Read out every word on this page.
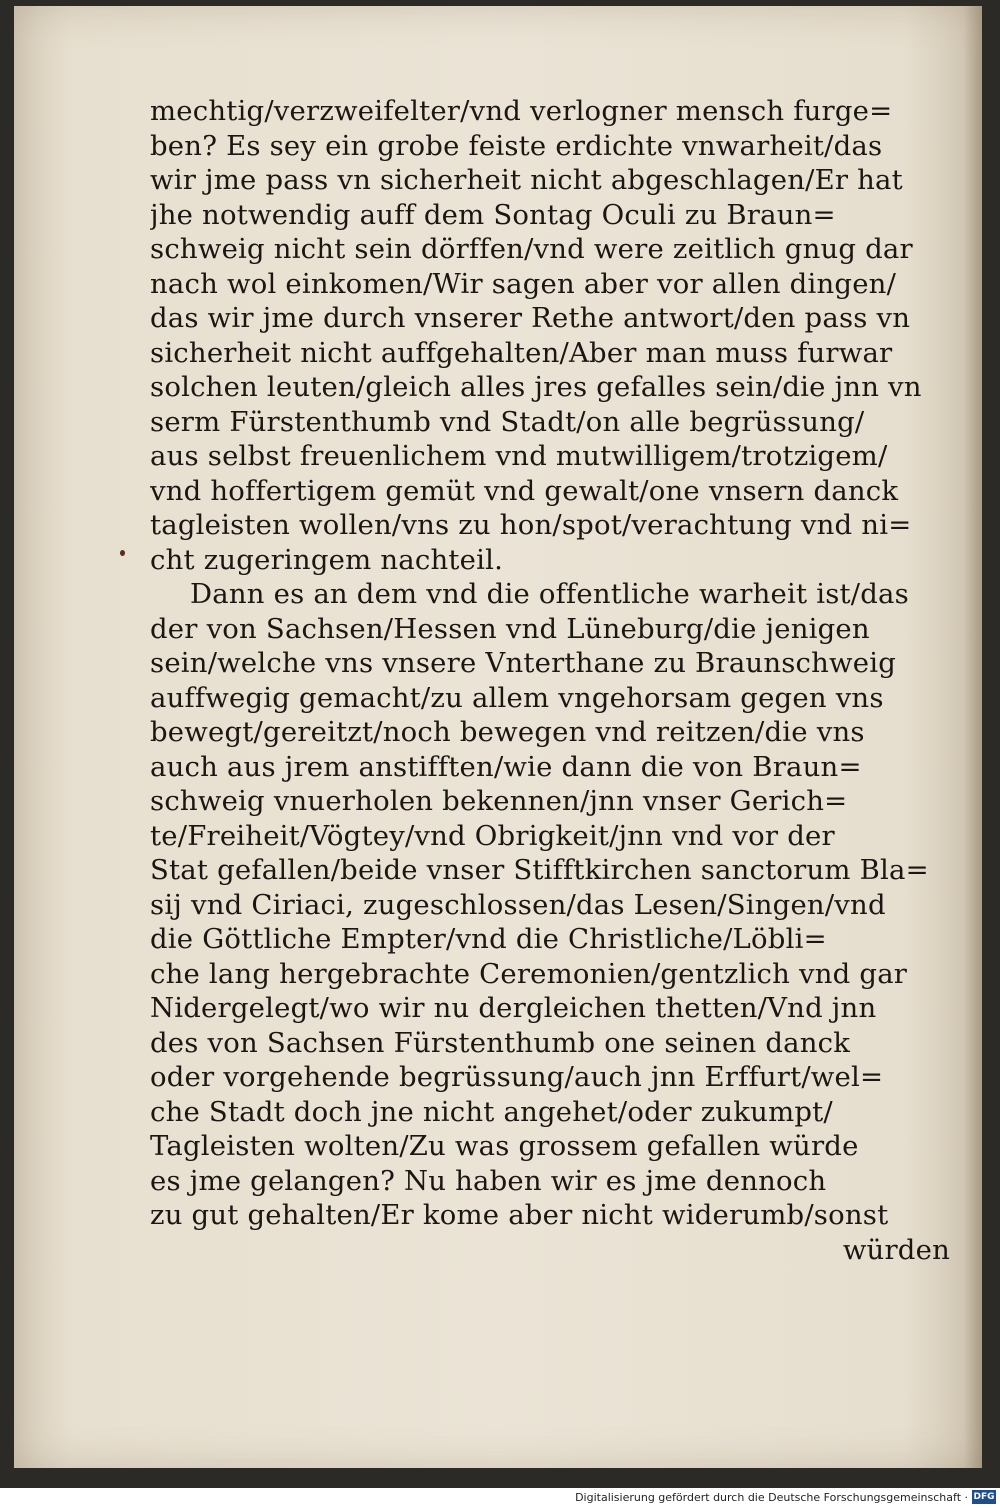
mechtig/verzweifelter/vnd verlogner mensch furge=
ben? Es sey ein grobe feiste erdichte vnwarheit/das
wir jme pass vn sicherheit nicht abgeschlagen/Er hat
jhe notwendig auff dem Sontag Oculi zu Braun=
schweig nicht sein dörffen/vnd were zeitlich gnug dar
nach wol einkomen/Wir sagen aber vor allen dingen/
das wir jme durch vnserer Rethe antwort/den pass vn
sicherheit nicht auffgehalten/Aber man muss furwar
solchen leuten/gleich alles jres gefalles sein/die jnn vn
serm Fürstenthumb vnd Stadt/on alle begrüssung/
aus selbst freuenlichem vnd mutwilligem/trotzigem/
vnd hoffertigem gemüt vnd gewalt/one vnsern danck
tagleisten wollen/vns zu hon/spot/verachtung vnd ni=
cht zugeringem nachteil.
Dann es an dem vnd die offentliche warheit ist/das
der von Sachsen/Hessen vnd Lüneburg/die jenigen
sein/welche vns vnsere Vnterthane zu Braunschweig
auffwegig gemacht/zu allem vngehorsam gegen vns
bewegt/gereitzt/noch bewegen vnd reitzen/die vns
auch aus jrem anstifften/wie dann die von Braun=
schweig vnuerholen bekennen/jnn vnser Gerich=
te/Freiheit/Vögtey/vnd Obrigkeit/jnn vnd vor der
Stat gefallen/beide vnser Stifftkirchen sanctorum Bla=
sij vnd Ciriaci, zugeschlossen/das Lesen/Singen/vnd
die Göttliche Empter/vnd die Christliche/Löbli=
che lang hergebrachte Ceremonien/gentzlich vnd gar
Nidergelegt/wo wir nu dergleichen thetten/Vnd jnn
des von Sachsen Fürstenthumb one seinen danck
oder vorgehende begrüssung/auch jnn Erffurt/wel=
che Stadt doch jne nicht angehet/oder zukumpt/
Tagleisten wolten/Zu was grossem gefallen würde
es jme gelangen? Nu haben wir es jme dennoch
zu gut gehalten/Er kome aber nicht widerumb/sonst
würden
Digitalisierung gefördert durch die Deutsche Forschungsgemeinschaft · DFG
